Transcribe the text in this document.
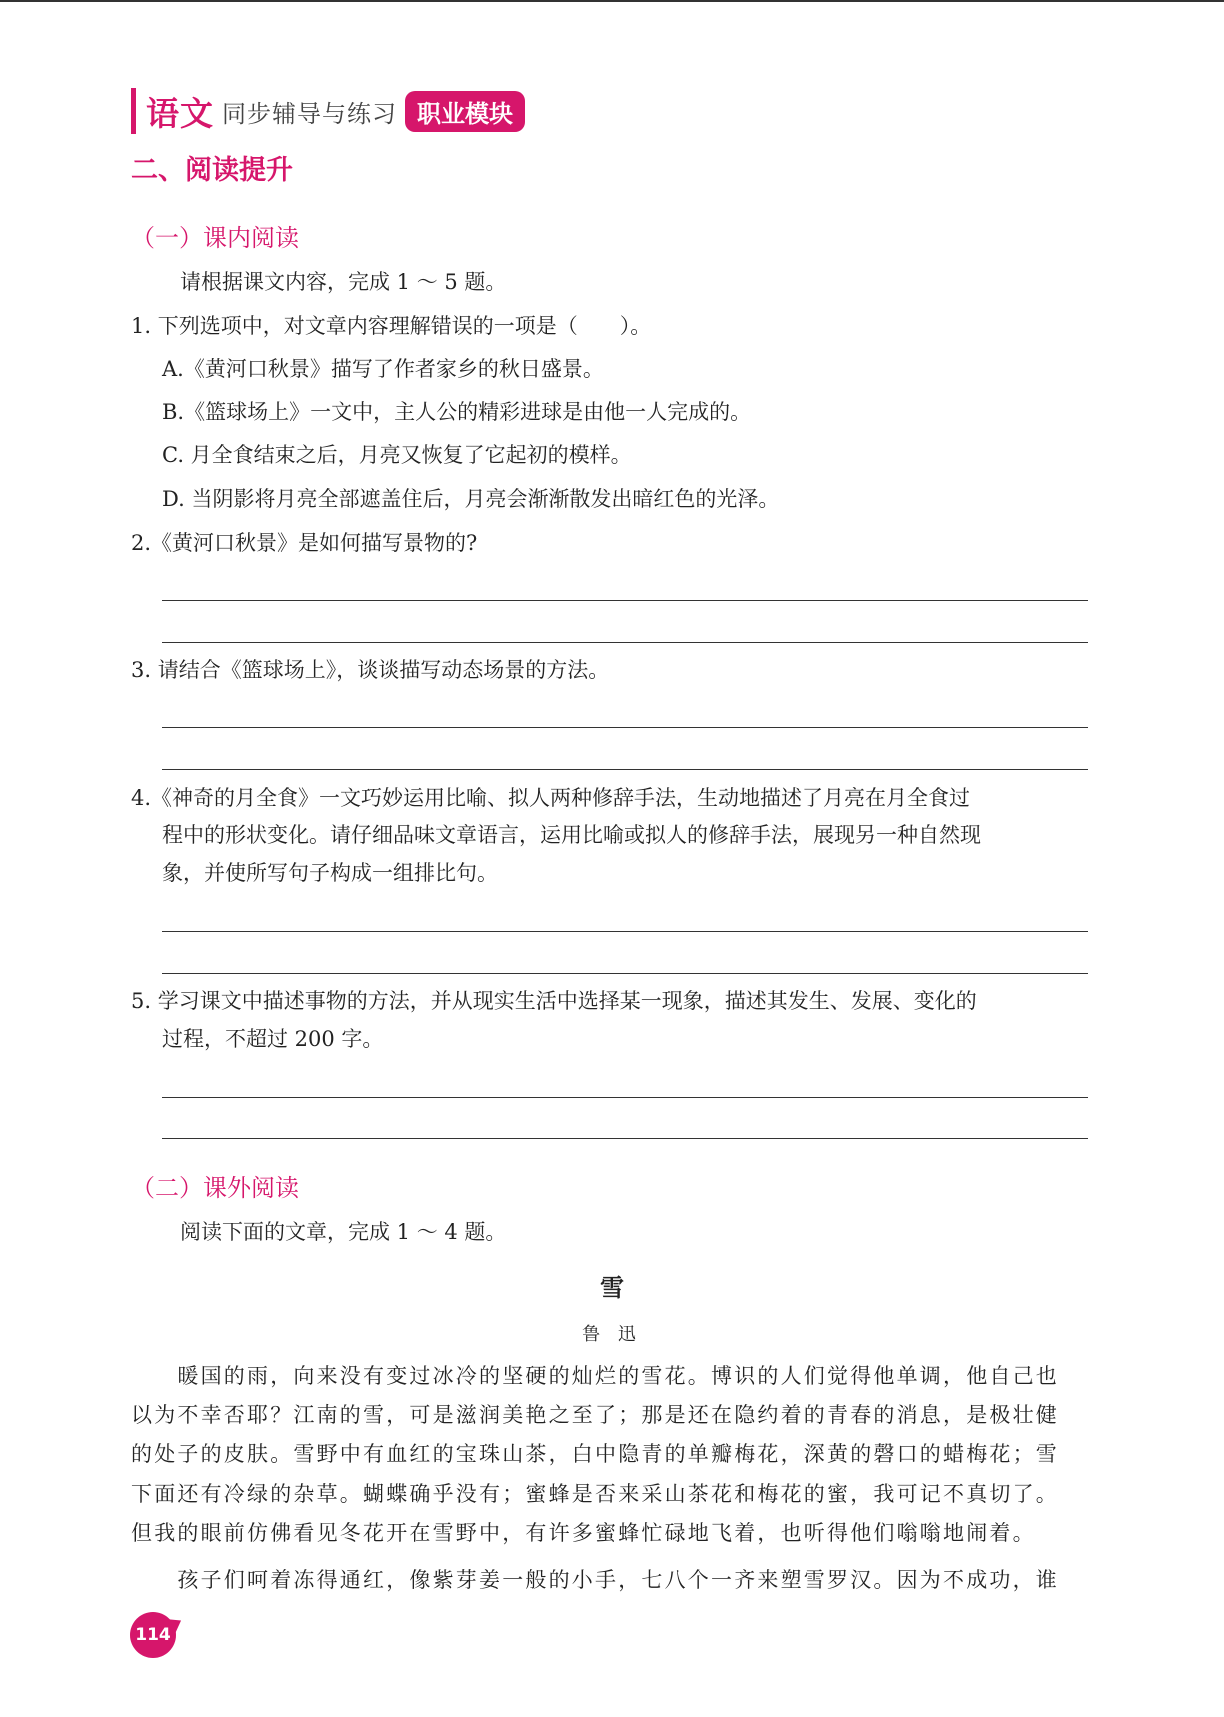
语文 同步辅导与练习 职业模块
二、阅读提升
（一）课内阅读
请根据课文内容，完成 1 ～ 5 题。
1. 下列选项中，对文章内容理解错误的一项是（　　）。
A.《黄河口秋景》描写了作者家乡的秋日盛景。
B.《篮球场上》一文中，主人公的精彩进球是由他一人完成的。
C. 月全食结束之后，月亮又恢复了它起初的模样。
D. 当阴影将月亮全部遮盖住后，月亮会渐渐散发出暗红色的光泽。
2.《黄河口秋景》是如何描写景物的?
3. 请结合《篮球场上》，谈谈描写动态场景的方法。
4.《神奇的月全食》一文巧妙运用比喻、拟人两种修辞手法，生动地描述了月亮在月全食过
程中的形状变化。请仔细品味文章语言，运用比喻或拟人的修辞手法，展现另一种自然现
象，并使所写句子构成一组排比句。
5. 学习课文中描述事物的方法，并从现实生活中选择某一现象，描述其发生、发展、变化的
过程，不超过 200 字。
（二）课外阅读
阅读下面的文章，完成 1 ～ 4 题。
雪
鲁 迅
　　暖国的雨，向来没有变过冰冷的坚硬的灿烂的雪花。博识的人们觉得他单调，他自己也
以为不幸否耶？江南的雪，可是滋润美艳之至了；那是还在隐约着的青春的消息，是极壮健
的处子的皮肤。雪野中有血红的宝珠山茶，白中隐青的单瓣梅花，深黄的磬口的蜡梅花；雪
下面还有冷绿的杂草。蝴蝶确乎没有；蜜蜂是否来采山茶花和梅花的蜜，我可记不真切了。
但我的眼前仿佛看见冬花开在雪野中，有许多蜜蜂忙碌地飞着，也听得他们嗡嗡地闹着。
　　孩子们呵着冻得通红，像紫芽姜一般的小手，七八个一齐来塑雪罗汉。因为不成功，谁
114
